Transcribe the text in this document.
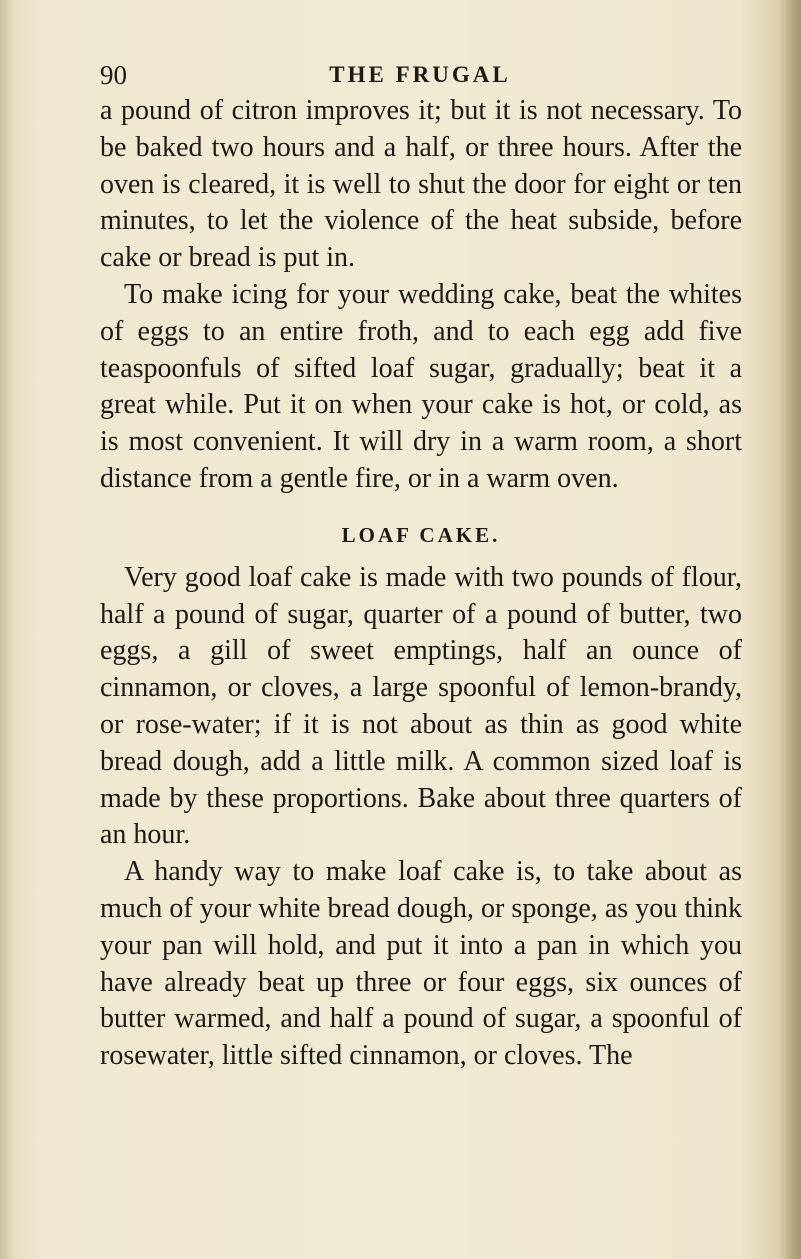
90	THE FRUGAL

a pound of citron improves it; but it is not necessary. To be baked two hours and a half, or three hours. After the oven is cleared, it is well to shut the door for eight or ten minutes, to let the violence of the heat subside, before cake or bread is put in.

To make icing for your wedding cake, beat the whites of eggs to an entire froth, and to each egg add five teaspoonfuls of sifted loaf sugar, gradually; beat it a great while. Put it on when your cake is hot, or cold, as is most convenient. It will dry in a warm room, a short distance from a gentle fire, or in a warm oven.

LOAF CAKE.

Very good loaf cake is made with two pounds of flour, half a pound of sugar, quarter of a pound of butter, two eggs, a gill of sweet emptings, half an ounce of cinnamon, or cloves, a large spoonful of lemon-brandy, or rose-water; if it is not about as thin as good white bread dough, add a little milk. A common sized loaf is made by these proportions. Bake about three quarters of an hour.

A handy way to make loaf cake is, to take about as much of your white bread dough, or sponge, as you think your pan will hold, and put it into a pan in which you have already beat up three or four eggs, six ounces of butter warmed, and half a pound of sugar, a spoonful of rosewater, little sifted cinnamon, or cloves. The
